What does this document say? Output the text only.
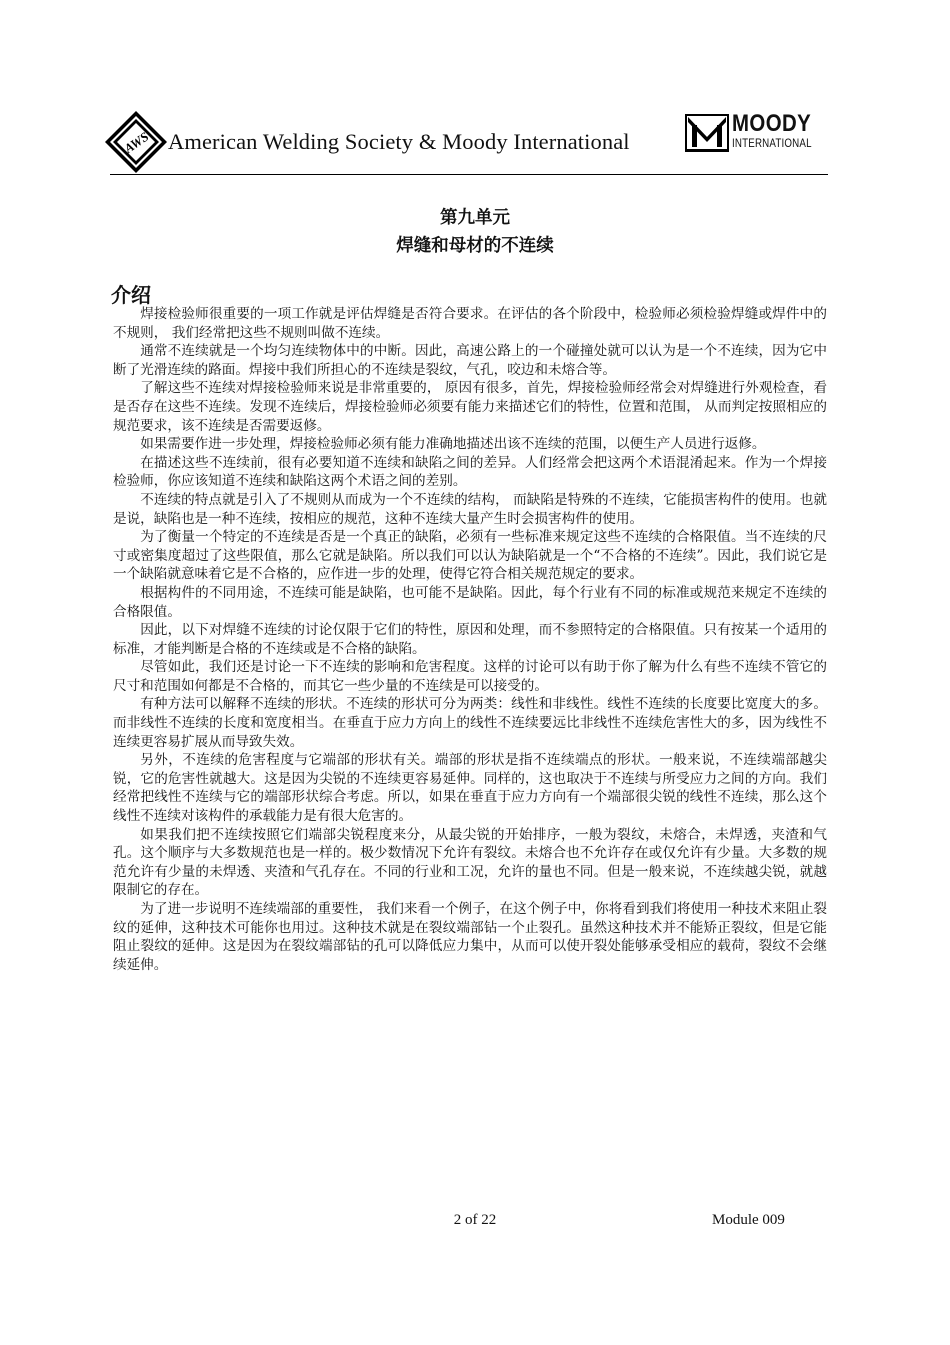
AWS American Welding Society & Moody International
MOODY
INTERNATIONAL
第九单元
焊缝和母材的不连续
介绍

焊接检验师很重要的一项工作就是评估焊缝是否符合要求。在评估的各个阶段中，检验师必须检验焊缝或焊件中的不规则， 我们经常把这些不规则叫做不连续。

通常不连续就是一个均匀连续物体中的中断。因此，高速公路上的一个碰撞处就可以认为是一个不连续，因为它中断了光滑连续的路面。焊接中我们所担心的不连续是裂纹，气孔，咬边和未熔合等。

了解这些不连续对焊接检验师来说是非常重要的， 原因有很多，首先，焊接检验师经常会对焊缝进行外观检查，看是否存在这些不连续。发现不连续后，焊接检验师必须要有能力来描述它们的特性，位置和范围， 从而判定按照相应的规范要求，该不连续是否需要返修。

如果需要作进一步处理，焊接检验师必须有能力准确地描述出该不连续的范围，以便生产人员进行返修。

在描述这些不连续前，很有必要知道不连续和缺陷之间的差异。人们经常会把这两个术语混淆起来。作为一个焊接检验师，你应该知道不连续和缺陷这两个术语之间的差别。

不连续的特点就是引入了不规则从而成为一个不连续的结构， 而缺陷是特殊的不连续，它能损害构件的使用。也就是说，缺陷也是一种不连续，按相应的规范，这种不连续大量产生时会损害构件的使用。

为了衡量一个特定的不连续是否是一个真正的缺陷，必须有一些标准来规定这些不连续的合格限值。当不连续的尺寸或密集度超过了这些限值，那么它就是缺陷。所以我们可以认为缺陷就是一个“不合格的不连续”。因此，我们说它是一个缺陷就意味着它是不合格的，应作进一步的处理，使得它符合相关规范规定的要求。

根据构件的不同用途，不连续可能是缺陷，也可能不是缺陷。因此，每个行业有不同的标准或规范来规定不连续的合格限值。

因此，以下对焊缝不连续的讨论仅限于它们的特性，原因和处理，而不参照特定的合格限值。只有按某一个适用的标准，才能判断是合格的不连续或是不合格的缺陷。

尽管如此，我们还是讨论一下不连续的影响和危害程度。这样的讨论可以有助于你了解为什么有些不连续不管它的尺寸和范围如何都是不合格的，而其它一些少量的不连续是可以接受的。

有种方法可以解释不连续的形状。不连续的形状可分为两类：线性和非线性。线性不连续的长度要比宽度大的多。而非线性不连续的长度和宽度相当。在垂直于应力方向上的线性不连续要远比非线性不连续危害性大的多，因为线性不连续更容易扩展从而导致失效。

另外，不连续的危害程度与它端部的形状有关。端部的形状是指不连续端点的形状。一般来说，不连续端部越尖锐，它的危害性就越大。这是因为尖锐的不连续更容易延伸。同样的，这也取决于不连续与所受应力之间的方向。我们经常把线性不连续与它的端部形状综合考虑。所以，如果在垂直于应力方向有一个端部很尖锐的线性不连续，那么这个线性不连续对该构件的承载能力是有很大危害的。

如果我们把不连续按照它们端部尖锐程度来分，从最尖锐的开始排序，一般为裂纹，未熔合，未焊透，夹渣和气孔。这个顺序与大多数规范也是一样的。极少数情况下允许有裂纹。未熔合也不允许存在或仅允许有少量。大多数的规范允许有少量的未焊透、夹渣和气孔存在。不同的行业和工况，允许的量也不同。但是一般来说，不连续越尖锐，就越限制它的存在。

为了进一步说明不连续端部的重要性， 我们来看一个例子，在这个例子中，你将看到我们将使用一种技术来阻止裂纹的延伸，这种技术可能你也用过。这种技术就是在裂纹端部钻一个止裂孔。虽然这种技术并不能矫正裂纹，但是它能阻止裂纹的延伸。这是因为在裂纹端部钻的孔可以降低应力集中，从而可以使开裂处能够承受相应的载荷，裂纹不会继续延伸。

2 of 22	Module 009
